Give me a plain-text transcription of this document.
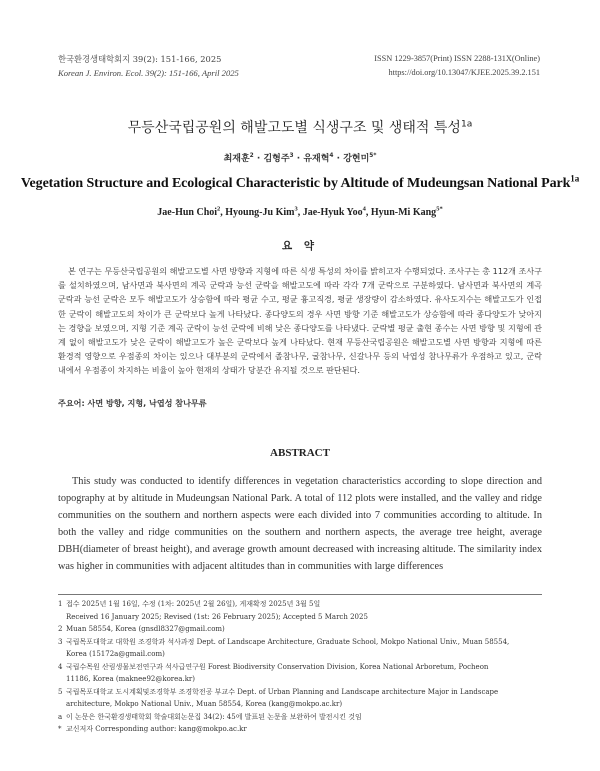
한국환경생태학회지 39(2): 151-166, 2025
Korean J. Environ. Ecol. 39(2): 151-166, April 2025
ISSN 1229-3857(Print) ISSN 2288-131X(Online)
https://doi.org/10.13047/KJEE.2025.39.2.151
무등산국립공원의 해발고도별 식생구조 및 생태적 특성$^{1a}$
최재훈$^2$ · 김형주$^3$ · 유재혁$^4$ · 강현미$^{5*}$
Vegetation Structure and Ecological Characteristic by Altitude of Mudeungsan National Park$^{1a}$
Jae-Hun Choi$^2$, Hyoung-Ju Kim$^3$, Jae-Hyuk Yoo$^4$, Hyun-Mi Kang$^{5*}$
요 약

본 연구는 무등산국립공원의 해발고도별 사면 방향과 지형에 따른 식생 특성의 차이를 밝히고자 수행되었다. 조사구는 총 112개 조사구를 설치하였으며, 남사면과 북사면의 계곡 군락과 능선 군락을 해발고도에 따라 각각 7개 군락으로 구분하였다. 남사면과 북사면의 계곡 군락과 능선 군락은 모두 해발고도가 상승함에 따라 평균 수고, 평균 흉고직경, 평균 생장량이 감소하였다. 유사도지수는 해발고도가 인접한 군락이 해발고도의 차이가 큰 군락보다 높게 나타났다. 종다양도의 경우 사면 방향 기준 해발고도가 상승함에 따라 종다양도가 낮아지는 경향을 보였으며, 지형 기준 계곡 군락이 능선 군락에 비해 낮은 종다양도를 나타냈다. 군락별 평균 출현 종수는 사면 방향 및 지형에 관계 없이 해발고도가 낮은 군락이 해발고도가 높은 군락보다 높게 나타났다. 현재 무등산국립공원은 해발고도별 사면 방향과 지형에 따른 환경적 영향으로 우점종의 차이는 있으나 대부분의 군락에서 졸참나무, 굴참나무, 신갈나무 등의 낙엽성 참나무류가 우점하고 있고, 군락 내에서 우점종이 차지하는 비율이 높아 현재의 상태가 당분간 유지될 것으로 판단된다.

주요어: 사면 방향, 지형, 낙엽성 참나무류
ABSTRACT

This study was conducted to identify differences in vegetation characteristics according to slope direction and topography at by altitude in Mudeungsan National Park. A total of 112 plots were installed, and the valley and ridge communities on the southern and northern aspects were each divided into 7 communities according to altitude. In both the valley and ridge communities on the southern and northern aspects, the average tree height, average DBH(diameter of breast height), and average growth amount decreased with increasing altitude. The similarity index was higher in communities with adjacent altitudes than in communities with large differences

1 접수 2025년 1월 16일, 수정 (1차: 2025년 2월 26일), 게재확정 2025년 3월 5일
Received 16 January 2025; Revised (1st: 26 February 2025); Accepted 5 March 2025
2 Muan 58554, Korea (gnsdl8327@gmail.com)
3 국립목포대학교 대학원 조경학과 석사과정 Dept. of Landscape Architecture, Graduate School, Mokpo National Univ., Muan 58554,
Korea (15172a@gmail.com)
4 국립수목원 산림생물보전연구과 석사급연구원 Forest Biodiversity Conservation Division, Korea National Arboretum, Pocheon
11186, Korea (maknee92@korea.kr)
5 국립목포대학교 도시계획및조경학부 조경학전공 부교수 Dept. of Urban Planning and Landscape architecture Major in Landscape
architecture, Mokpo National Univ., Muan 58554, Korea (kang@mokpo.ac.kr)
a 이 논문은 한국환경생태학회 학술대회논문집 34(2): 45에 발표된 논문을 보완하여 발전시킨 것임
* 교신저자 Corresponding author: kang@mokpo.ac.kr
